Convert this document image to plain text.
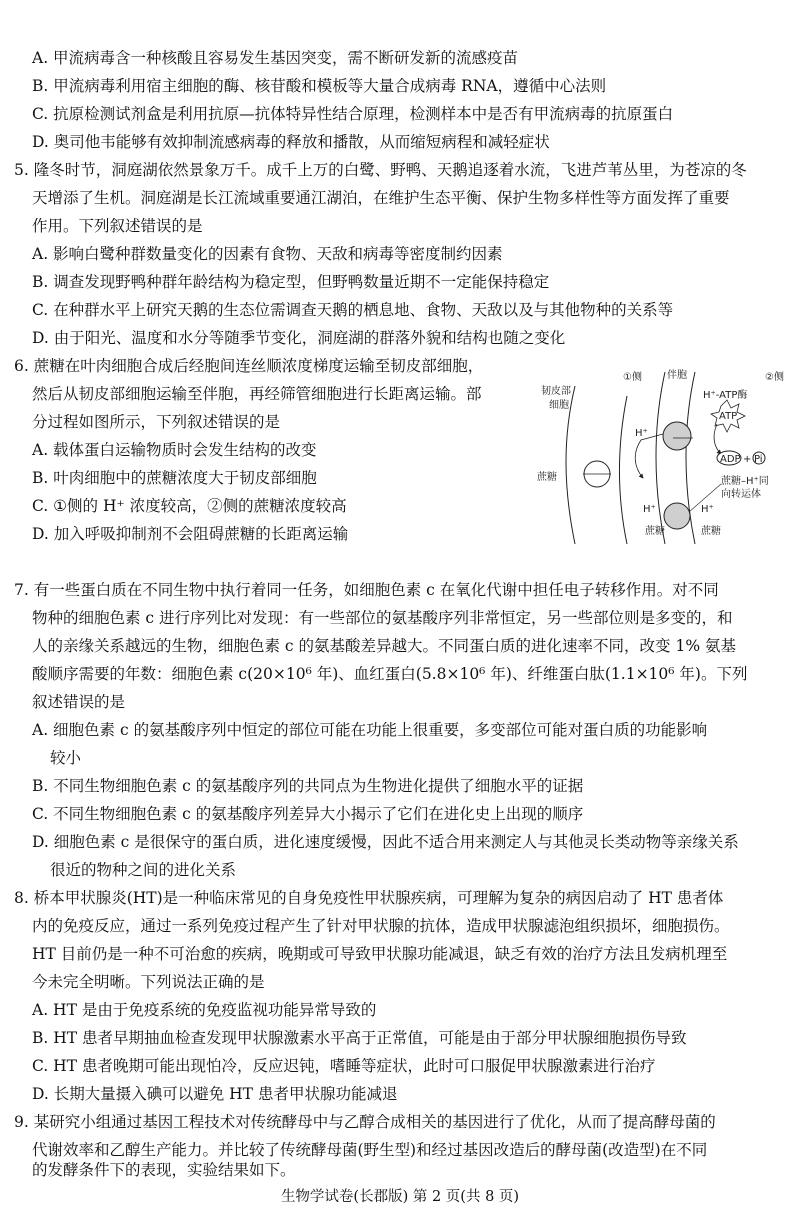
A. 甲流病毒含一种核酸且容易发生基因突变，需不断研发新的流感疫苗
B. 甲流病毒利用宿主细胞的酶、核苷酸和模板等大量合成病毒 RNA，遵循中心法则
C. 抗原检测试剂盒是利用抗原—抗体特异性结合原理，检测样本中是否有甲流病毒的抗原蛋白
D. 奥司他韦能够有效抑制流感病毒的释放和播散，从而缩短病程和减轻症状
5. 隆冬时节，洞庭湖依然景象万千。成千上万的白鹭、野鸭、天鹅追逐着水流，飞进芦苇丛里，为苍凉的冬
天增添了生机。洞庭湖是长江流域重要通江湖泊，在维护生态平衡、保护生物多样性等方面发挥了重要
作用。下列叙述错误的是
A. 影响白鹭种群数量变化的因素有食物、天敌和病毒等密度制约因素
B. 调查发现野鸭种群年龄结构为稳定型，但野鸭数量近期不一定能保持稳定
C. 在种群水平上研究天鹅的生态位需调查天鹅的栖息地、食物、天敌以及与其他物种的关系等
D. 由于阳光、温度和水分等随季节变化，洞庭湖的群落外貌和结构也随之变化
6. 蔗糖在叶肉细胞合成后经胞间连丝顺浓度梯度运输至韧皮部细胞，
然后从韧皮部细胞运输至伴胞，再经筛管细胞进行长距离运输。部
分过程如图所示，下列叙述错误的是
A. 载体蛋白运输物质时会发生结构的改变
B. 叶肉细胞中的蔗糖浓度大于韧皮部细胞
C. ①侧的 H⁺ 浓度较高，②侧的蔗糖浓度较高
D. 加入呼吸抑制剂不会阻碍蔗糖的长距离运输
韧皮部
细胞
伴胞
①侧	②侧
H⁺-ATP酶
ATP
ADP + Pi
H⁺
蔗糖	蔗糖–H⁺同
向转运体
H⁺	H⁺
蔗糖	蔗糖
7. 有一些蛋白质在不同生物中执行着同一任务，如细胞色素 c 在氧化代谢中担任电子转移作用。对不同
物种的细胞色素 c 进行序列比对发现：有一些部位的氨基酸序列非常恒定，另一些部位则是多变的，和
人的亲缘关系越远的生物，细胞色素 c 的氨基酸差异越大。不同蛋白质的进化速率不同，改变 1% 氨基
酸顺序需要的年数：细胞色素 c(20×10⁶ 年)、血红蛋白(5.8×10⁶ 年)、纤维蛋白肽(1.1×10⁶ 年)。下列
叙述错误的是
A. 细胞色素 c 的氨基酸序列中恒定的部位可能在功能上很重要，多变部位可能对蛋白质的功能影响
较小
B. 不同生物细胞色素 c 的氨基酸序列的共同点为生物进化提供了细胞水平的证据
C. 不同生物细胞色素 c 的氨基酸序列差异大小揭示了它们在进化史上出现的顺序
D. 细胞色素 c 是很保守的蛋白质，进化速度缓慢，因此不适合用来测定人与其他灵长类动物等亲缘关系
很近的物种之间的进化关系
8. 桥本甲状腺炎(HT)是一种临床常见的自身免疫性甲状腺疾病，可理解为复杂的病因启动了 HT 患者体
内的免疫反应，通过一系列免疫过程产生了针对甲状腺的抗体，造成甲状腺滤泡组织损坏，细胞损伤。
HT 目前仍是一种不可治愈的疾病，晚期或可导致甲状腺功能减退，缺乏有效的治疗方法且发病机理至
今未完全明晰。下列说法正确的是
A. HT 是由于免疫系统的免疫监视功能异常导致的
B. HT 患者早期抽血检查发现甲状腺激素水平高于正常值，可能是由于部分甲状腺细胞损伤导致
C. HT 患者晚期可能出现怕冷，反应迟钝，嗜睡等症状，此时可口服促甲状腺激素进行治疗
D. 长期大量摄入碘可以避免 HT 患者甲状腺功能减退
9. 某研究小组通过基因工程技术对传统酵母中与乙醇合成相关的基因进行了优化，从而了提高酵母菌的
代谢效率和乙醇生产能力。并比较了传统酵母菌(野生型)和经过基因改造后的酵母菌(改造型)在不同
的发酵条件下的表现，实验结果如下。
生物学试卷(长郡版) 第 2 页(共 8 页)
